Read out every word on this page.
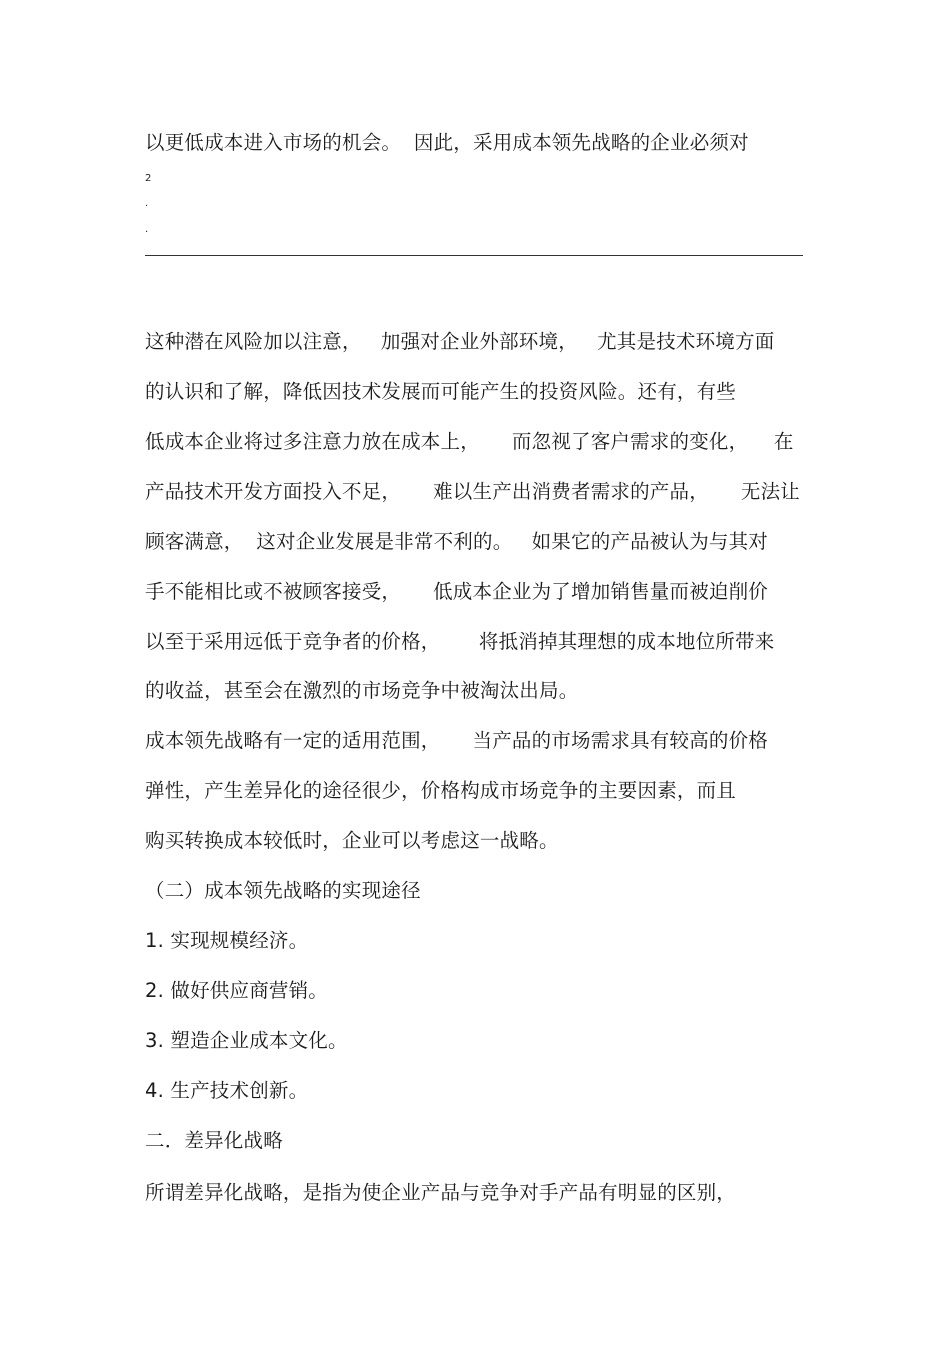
以更低成本进入市场的机会。  因此，采用成本领先战略的企业必须对
2
.
.
这种潜在风险加以注意，   加强对企业外部环境，   尤其是技术环境方面
的认识和了解，降低因技术发展而可能产生的投资风险。还有，有些
低成本企业将过多注意力放在成本上，     而忽视了客户需求的变化，    在
产品技术开发方面投入不足，     难以生产出消费者需求的产品，     无法让
顾客满意，  这对企业发展是非常不利的。   如果它的产品被认为与其对
手不能相比或不被顾客接受，     低成本企业为了增加销售量而被迫削价
以至于采用远低于竞争者的价格，      将抵消掉其理想的成本地位所带来
的收益，甚至会在激烈的市场竞争中被淘汰出局。
成本领先战略有一定的适用范围，     当产品的市场需求具有较高的价格
弹性，产生差异化的途径很少，价格构成市场竞争的主要因素，而且
购买转换成本较低时，企业可以考虑这一战略。
（二）成本领先战略的实现途径
1. 实现规模经济。
2. 做好供应商营销。
3. 塑造企业成本文化。
4. 生产技术创新。
二．差异化战略
所谓差异化战略，是指为使企业产品与竞争对手产品有明显的区别，
